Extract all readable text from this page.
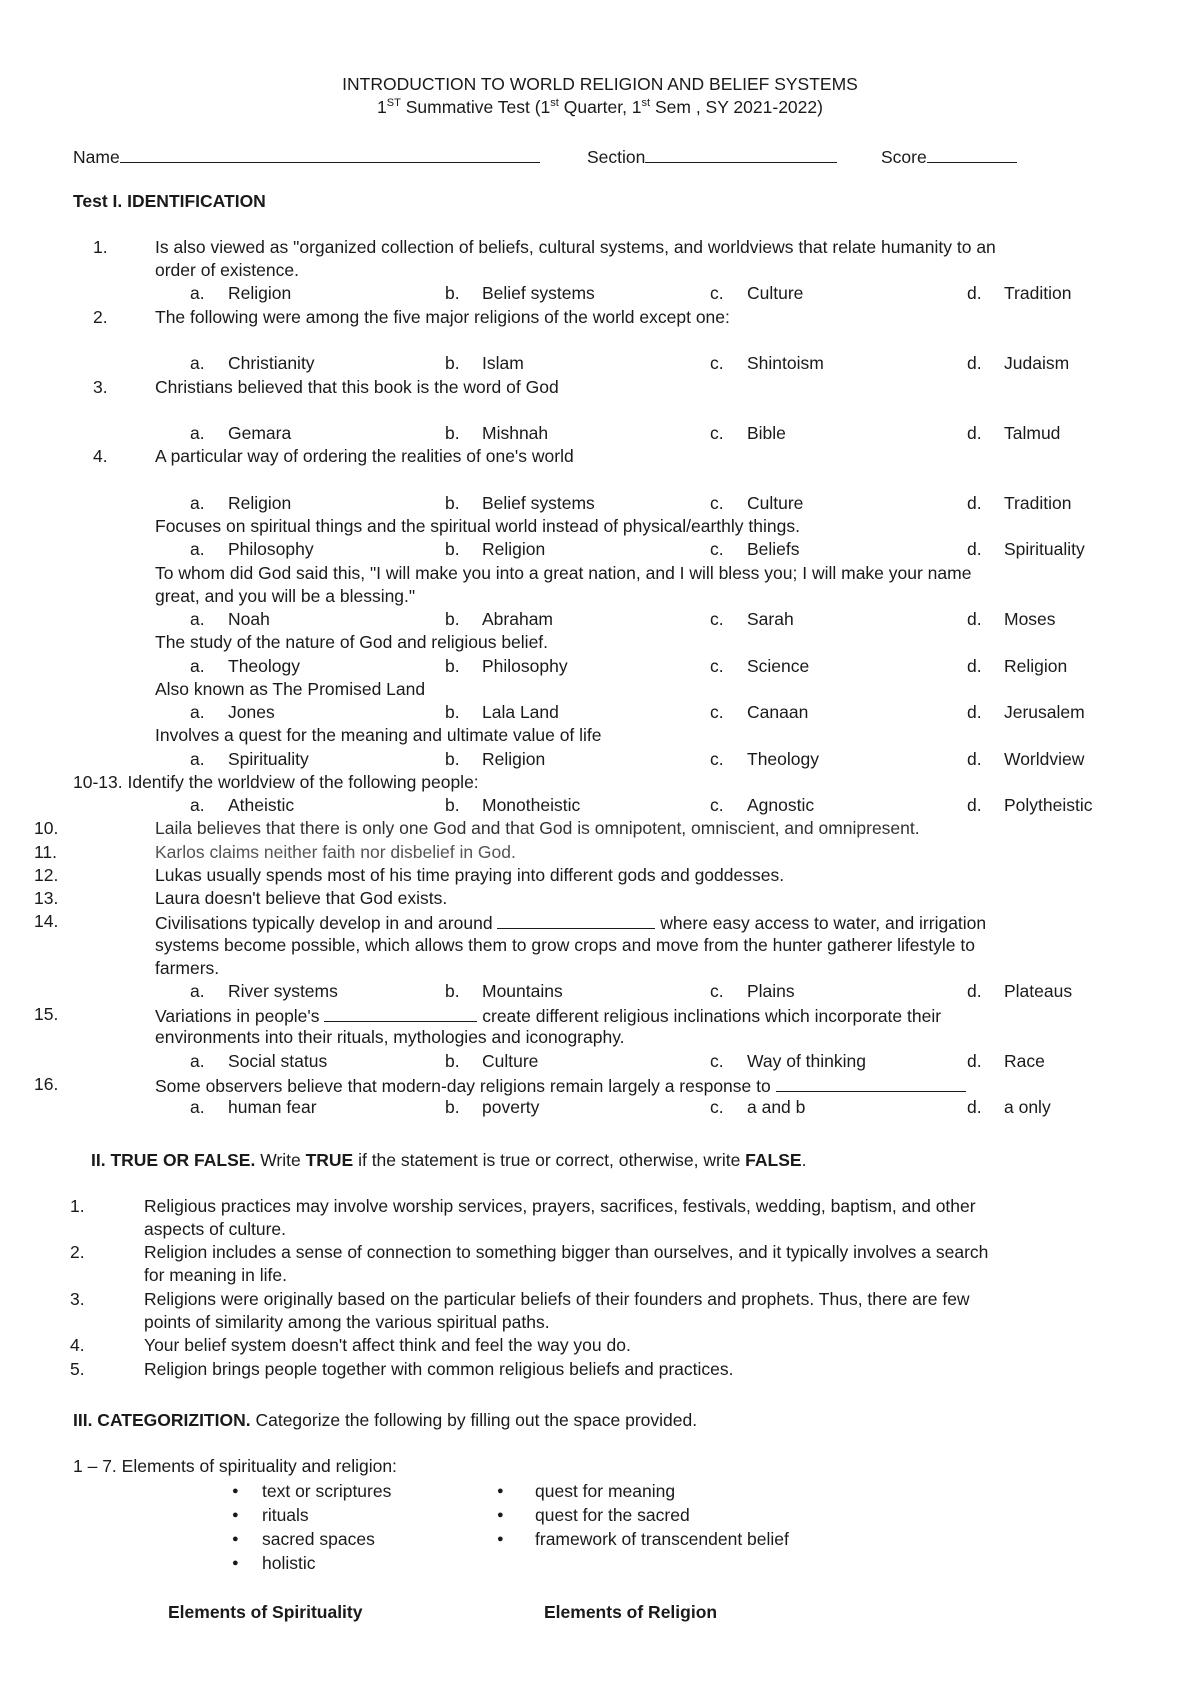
INTRODUCTION TO WORLD RELIGION AND BELIEF SYSTEMS
1ST Summative Test (1st Quarter, 1st Sem , SY 2021-2022)
Name	Section	Score
Test I. IDENTIFICATION
II. TRUE OR FALSE. Write TRUE if the statement is true or correct, otherwise, write FALSE.
III. CATEGORIZITION. Categorize the following by filling out the space provided.
1 – 7. Elements of spirituality and religion:
Elements of Spirituality	Elements of Religion
1.	Is also viewed as "organized collection of beliefs, cultural systems, and worldviews that relate humanity to an
order of existence.
a. Religion	b. Belief systems	c. Culture	d. Tradition
2.	The following were among the five major religions of the world except one:
a. Christianity	b. Islam	c. Shintoism	d. Judaism
3.	Christians believed that this book is the word of God
a. Gemara	b. Mishnah	c. Bible	d. Talmud
4.	A particular way of ordering the realities of one's world
a. Religion	b. Belief systems	c. Culture	d. Tradition
Focuses on spiritual things and the spiritual world instead of physical/earthly things.
a. Philosophy	b. Religion	c. Beliefs	d. Spirituality
To whom did God said this, "I will make you into a great nation, and I will bless you; I will make your name
great, and you will be a blessing."
a. Noah	b. Abraham	c. Sarah	d. Moses
The study of the nature of God and religious belief.
a. Theology	b. Philosophy	c. Science	d. Religion
Also known as The Promised Land
a. Jones	b. Lala Land	c. Canaan	d. Jerusalem
Involves a quest for the meaning and ultimate value of life
a. Spirituality	b. Religion	c. Theology	d. Worldview
10-13. Identify the worldview of the following people:
a. Atheistic	b. Monotheistic	c. Agnostic	d. Polytheistic
10.	Laila believes that there is only one God and that God is omnipotent, omniscient, and omnipresent.
11.	Karlos claims neither faith nor disbelief in God.
12.	Lukas usually spends most of his time praying into different gods and goddesses.
13.	Laura doesn't believe that God exists.
14.	Civilisations typically develop in and around	where easy access to water, and irrigation
systems become possible, which allows them to grow crops and move from the hunter gatherer lifestyle to
farmers.
a. River systems	b. Mountains	c. Plains	d. Plateaus
15.	Variations in people's	create different religious inclinations which incorporate their
environments into their rituals, mythologies and iconography.
a. Social status	b. Culture	c. Way of thinking	d. Race
16.	Some observers believe that modern-day religions remain largely a response to
a. human fear	b. poverty	c. a and b	d. a only
1.	Religious practices may involve worship services, prayers, sacrifices, festivals, wedding, baptism, and other
aspects of culture.
2.	Religion includes a sense of connection to something bigger than ourselves, and it typically involves a search
for meaning in life.
3.	Religions were originally based on the particular beliefs of their founders and prophets. Thus, there are few
points of similarity among the various spiritual paths.
4.	Your belief system doesn't affect think and feel the way you do.
5.	Religion brings people together with common religious beliefs and practices.
● text or scriptures
● rituals
● sacred spaces
● holistic
● quest for meaning
● quest for the sacred
● framework of transcendent belief
